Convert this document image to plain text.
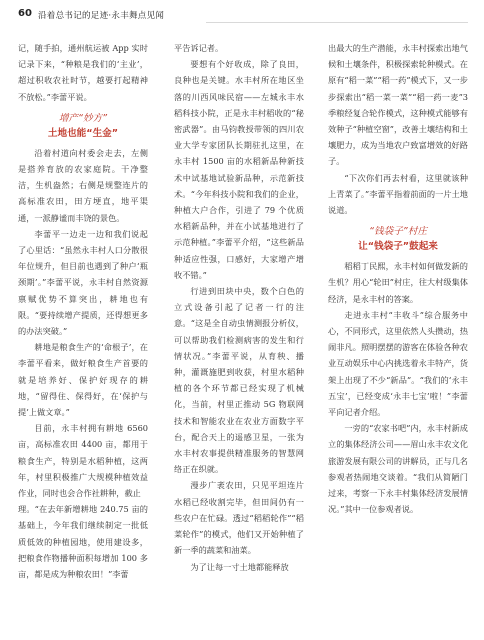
60 沿着总书记的足迹·永丰舞点见闻

记，随手拍，通州航运被 App 实时记录下来，“种粮是我们的‘主业’，超过积收农社时节，越要打起精神不放松。”李蕾平说。

增产“妙方”
土地也能“生金”

沿着村道向村委会走去，左侧是搭养育放的农家庭院。干净整洁，生机盎然；右侧是规整连片的高标准农田，田方埂直，地平渠通，一派静谧而丰饶的景色。

李蕾平一边走一边和我们说起了心里话：“虽然永丰村人口分散很年位规升，但目前也遇到了种户‘瓶颈期’。”李蕾平说，永丰村自然资源禀赋优势不算突出，耕地也有限。“要持续增产提质，还得想更多的办法突破。”

耕地是粮食生产的‘命根子’，在李蕾平看来，做好粮食生产首要的就是培养好、保护好现存的耕地，“留得住、保得好，在‘保护与提’上做文章。”

目前，永丰村拥有耕地 6560 亩，高标准农田 4400 亩，都用于粮食生产，特别是水稻种植，这两年，村里积极推广大规模种植效益作业，同时也会合作社耕种，截止

理。“在去年新增耕地 240.75 亩的基础上，今年我们继续制定一批低质低效的种植园地，使用建设多，把粮食作物播种面积每增加 100 多亩，都是成为种粮农田！”李蕾

平告诉记者。

要想有个好收成，除了良田，良种也是关键。水丰村所在地区坐落的川西风味民宿——左城永丰水稻科技小院，正是永丰村稻收的“秘密武器”。由马钧教授带领的四川农业大学专家团队长期驻扎这里，在永丰村 1500 亩的水稻新品种新技术中试基地试验新品种，示范新技术。“今年科技小院和我们的企业，种植大户合作，引进了 79 个优质水稻新品种，并在小试基地进行了示范种植。”李蕾平介绍，“这些新品种适应性强，口感好，大家增产增收不错。”

行进到田块中央，数个白色的立式设备引起了记者一行的注意。“这是全自动虫情测报分析仪，可以帮助我们检测病害的发生和行情状况。”李蕾平说，从育秧、播种，灌溉施肥到收获，村里水稻种植的各个环节都已经实现了机械化，当前，村里正推动 5G 物联网技术和智能农业在农业方面数字平台，配合天上的遥感卫星，一张为水丰村农事提供精准服务的智慧网络正在织就。

漫步广袤农田，只见平坦连片水稻已经收割完毕，但田间仍有一些农户在忙碌。透过“稻稻轮作”“稻菜轮作”的模式，他们又开始种植了新一季的蔬菜和油菜。

为了让每一寸土地都能释放

出最大的生产潜能，永丰村探索出地气候和土壤条件，积极探索轮种模式。在原有“稻一菜”“稻一药”模式下，又一步步探索出“稻一菜一菜”“稻一药一麦”3季粮经复合轮作模式，这种模式能够有效种子“种植空窗”，改善土壤结构和土壤肥力，成为当地农户致富增效的好路子。

“下次你们再去村看，这里就该种上青菜了。”李蕾平指着前面的一片土地说道。

“钱袋子”村庄
让“钱袋子”鼓起来

稻稻丁民熙，永丰村如何做发新的生机？用心“轮田”村庄，往大村级集体经济，是永丰村的答案。

走进永丰村“丰收斗”综合服务中心，不同形式，这里依然人头攒动，热闹非凡。照明摆摆的游客在体验各种农业互动娱乐中心内挑选着永丰特产，货架上出现了不少“新品”。“我们的‘永丰五宝’，已经变成‘永丰七宝’啦！”李蕾平向记者介绍。

一旁的“农家书吧”内，永丰村新成立的集体经济公司——眉山永丰农文化旅游发展有限公司的讲解员，正与几名参观者热闹地交谈着。“我们从简陋门过来，考察一下永丰村集体经济发展情况。”其中一位参观者说。
